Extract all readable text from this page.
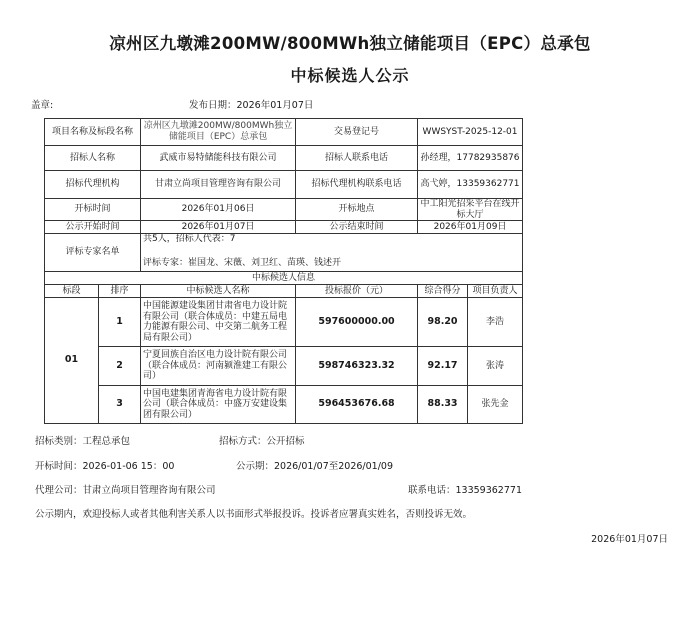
凉州区九墩滩200MW/800MWh独立储能项目（EPC）总承包
中标候选人公示
盖章:	发布日期：2026年01月07日
项目名称及标段名称		凉州区九墩滩200MW/800MWh独立储能项目（EPC）总承包	交易登记号	WWSYST-2025-12-01	
招标人名称		武威市易特储能科技有限公司	招标人联系电话	孙经理，17782935876	
招标代理机构		甘肃立尚项目管理咨询有限公司	招标代理机构联系电话	高弋婷，13359362771	
开标时间		2026年01月06日	开标地点	中工阳光招采平台在线开标大厅	
公示开始时间		2026年01月07日	公示结束时间	2026年01月09日	
评标专家名单		共5人，招标人代表：7
评标专家：崔国龙、宋薇、刘卫红、苗瑛、钱述开			

中标候选人信息					
标段	排序	中标候选人名称	投标报价（元）	综合得分	项目负责人
01	1	中国能源建设集团甘肃省电力设计院有限公司（联合体成员：中建五局电力能源有限公司、中交第二航务工程局有限公司）	597600000.00	98.20	李浩
	2	宁夏回族自治区电力设计院有限公司（联合体成员：河南颍淮建工有限公司）	598746323.32	92.17	张涛
	3	中国电建集团青海省电力设计院有限公司（联合体成员：中盛万安建设集团有限公司）	596453676.68	88.33	张先金
招标类别：工程总承包	招标方式：公开招标
开标时间：2026-01-06 15：00	公示期：2026/01/07至2026/01/09
代理公司：甘肃立尚项目管理咨询有限公司	联系电话：13359362771
公示期内，欢迎投标人或者其他利害关系人以书面形式举报投诉。投诉者应署真实姓名，否则投诉无效。
2026年01月07日
